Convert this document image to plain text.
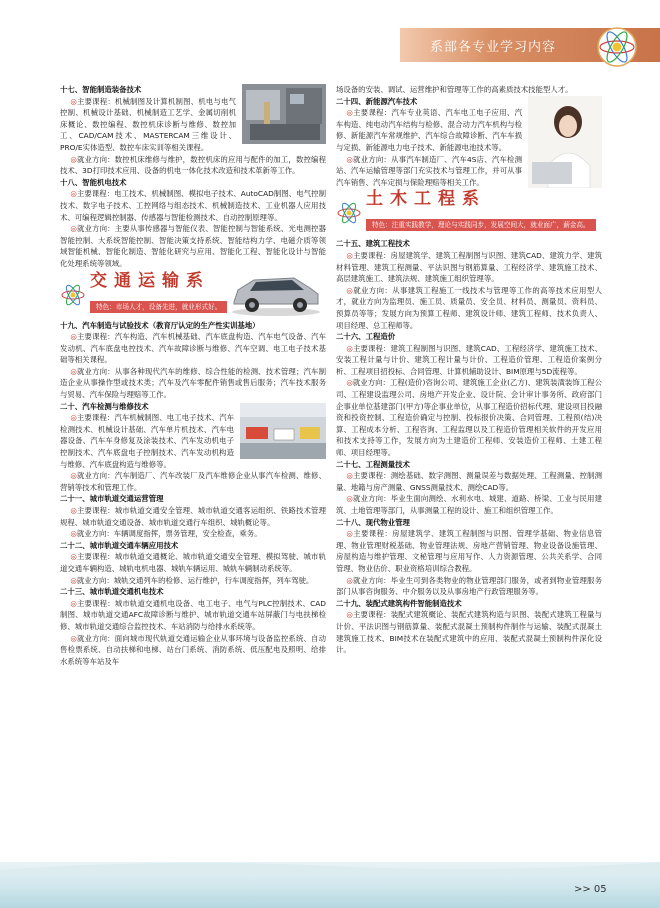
系部各专业学习内容

十七、智能制造装备技术

◎主要课程：机械制图及计算机制图、机电与电气控制、机械设计基础、机械制造工艺学、金属切削机床概论、数控编程、数控机床诊断与维修、数控加工、CAD/CAM技术、MASTERCAM三维设计、PRO/E实体造型、数控车床实训等相关课程。

◎就业方向：数控机床维修与维护，数控机床的应用与配件的加工，数控编程技术、3D打印技术应用、设备的机电一体化技术改造和技术革新等工作。

十八、智能机电技术

◎主要课程：电工技术、机械制图、模拟电子技术、AutoCAD制图、电气控制技术、数字电子技术、工控网络与组态技术、机械制造技术、工业机器人应用技术、可编程逻辑控制器、传感器与智能检测技术、自动控制原理等。

◎就业方向：主要从事传感器与智能仪表、智能控制与智能系统、光电测控器智能控制、大系统智能控制、智能决策支持系统、智能结构力学、电磁介质等领域智能机械、智能化制造、智能化研究与应用、智能化工程、智能化设计与智能化处理系统等领域。

交通运输系
特色：市场人才，设备先进，就业形式好。

十九、汽车制造与试验技术（教育厅认定的生产性实训基地）

◎主要课程：汽车构造、汽车机械基础、汽车底盘构造、汽车电气设备、汽车发动机、汽车底盘电控技术、汽车故障诊断与维修、汽车空调、电工电子技术基础等相关课程。

◎就业方向：从事各种现代汽车的维修、综合性能的检测、技术管理；汽车制造企业从事操作型或技术类；汽车及汽车零配件销售或售后服务；汽车技术服务与贸易、汽车保险与理赔等工作。

二十、汽车检测与维修技术

◎主要课程：汽车机械制图、电工电子技术、汽车检测技术、机械设计基础、汽车单片机技术、汽车电器设备、汽车车身修复及涂装技术、汽车发动机电子控制技术、汽车底盘电子控制技术、汽车发动机构造与维修、汽车底盘构造与维修等。

◎就业方向：汽车制造厂、汽车改装厂及汽车维修企业从事汽车检测、维修、营销等技术和管理工作。

二十一、城市轨道交通运营管理

◎主要课程：城市轨道交通安全管理、城市轨道交通客运组织、铁路技术管理规程、城市轨道交通设备、城市轨道交通行车组织、城轨概论等。

◎就业方向：车辆调度指挥，票务管理，安全检查，乘务。

二十二、城市轨道交通车辆应用技术

◎主要课程：城市轨道交通概论、城市轨道交通安全管理、模拟驾驶、城市轨道交通车辆构造、城轨电机电器、城轨车辆运用、城轨车辆制动系统等。

◎就业方向：城轨交通列车的检修、运行维护，行车调度指挥，列车驾驶。

二十三、城市轨道交通机电技术

◎主要课程：城市轨道交通机电设备、电工电子、电气与PLC控制技术、CAD制图、城市轨道交通AFC故障诊断与维护、城市轨道交通车站屏蔽门与电扶梯检修、城市轨道交通综合监控技术、车站消防与给排水系统等。

◎就业方向：面向城市现代轨道交通运输企业从事环境与设备监控系统、自动售检票系统、自动扶梯和电梯、站台门系统、消防系统、低压配电及照明、给排水系统等车站及车

场设备的安装、调试、运营维护和管理等工作的高素质技术技能型人才。

二十四、新能源汽车技术

◎主要课程：汽车专业英语、汽车电工电子应用、汽车构造、纯电动汽车结构与检修、混合动力汽车机构与检修、新能源汽车常规维护、汽车综合故障诊断、汽车车损与定损、新能源电力电子技术、新能源电池技术等。

◎就业方向：从事汽车制造厂、汽车4S店、汽车检测站、汽车运输管理等部门充实技术与管理工作，并可从事汽车销售、汽车定损与保险理赔等相关工作。

土木工程系
特色：注重实践教学，理论与实践同步，发展空间大，就业面广，薪金高。

二十五、建筑工程技术

◎主要课程：房屋建筑学、建筑工程制图与识图、建筑CAD、建筑力学、建筑材料管理、建筑工程测量、平法识图与钢筋算量、工程经济学、建筑施工技术、高层建筑施工、建筑法规、建筑施工组织管理等。

◎就业方向：从事建筑工程施工一线技术与管理等工作的高等技术应用型人才，就业方向为监理员、施工员、质量员、安全员、材料员、测量员、资料员、预算员等等；发展方向为预算工程师、建筑设计师、建筑工程师、技术负责人、项目经理、总工程师等。

二十六、工程造价

◎主要课程：建筑工程制图与识图、建筑CAD、工程经济学、建筑施工技术、安装工程计量与计价、建筑工程计量与计价、工程造价管理、工程造价案例分析、工程项目招投标、合同管理、计算机辅助设计、BIM原理与5D流程等。

◎就业方向：工程(造价)咨询公司、建筑施工企业(乙方)、建筑装潢装饰工程公司、工程建设监理公司、房地产开发企业、设计院、会计审计事务所、政府部门企事业单位基建部门(甲方)等企事业单位，从事工程造价招标代理、建设项目投融资和投资控制、工程造价确定与控制、投标报价决策、合同管理、工程预(结)决算、工程成本分析、工程咨询、工程监理以及工程造价管理相关软件的开发应用和技术支持等工作，发展方向为土建造价工程师、安装造价工程师、土建工程师、项目经理等。

二十七、工程测量技术

◎主要课程：测绘基础、数字测图、测量误差与数据处理、工程测量、控制测量、地籍与房产测量、GNSS测量技术、测绘CAD等。

◎就业方向：毕业生面向测绘、水利水电、城建、道路、桥梁、工业与民用建筑、土地管理等部门，从事测量工程的设计、施工和组织管理工作。

二十八、现代物业管理

◎主要课程：房屋建筑学、建筑工程制图与识图、管理学基础、物业信息管理、物业管理财税基础、物业管理法规、房地产营销管理、物业设备设施管理、房屋构造与维护管理、文秘管理与应用写作、人力资源管理、公共关系学、合同管理、物业估价、职业资格培训综合教程。

◎就业方向：毕业生可到各类物业的物业管理部门服务，或者到物业管理服务部门从事咨询服务、中介服务以及从事房地产行政管理服务等。

二十九、装配式建筑构件智能制造技术

◎主要课程：装配式建筑概论、装配式建筑构造与识图、装配式建筑工程量与计价、平法识图与钢筋算量、装配式混凝土预制构件制作与运输、装配式混凝土建筑施工技术、BIM技术在装配式建筑中的应用、装配式混凝土预制构件深化设计。

>> 05
